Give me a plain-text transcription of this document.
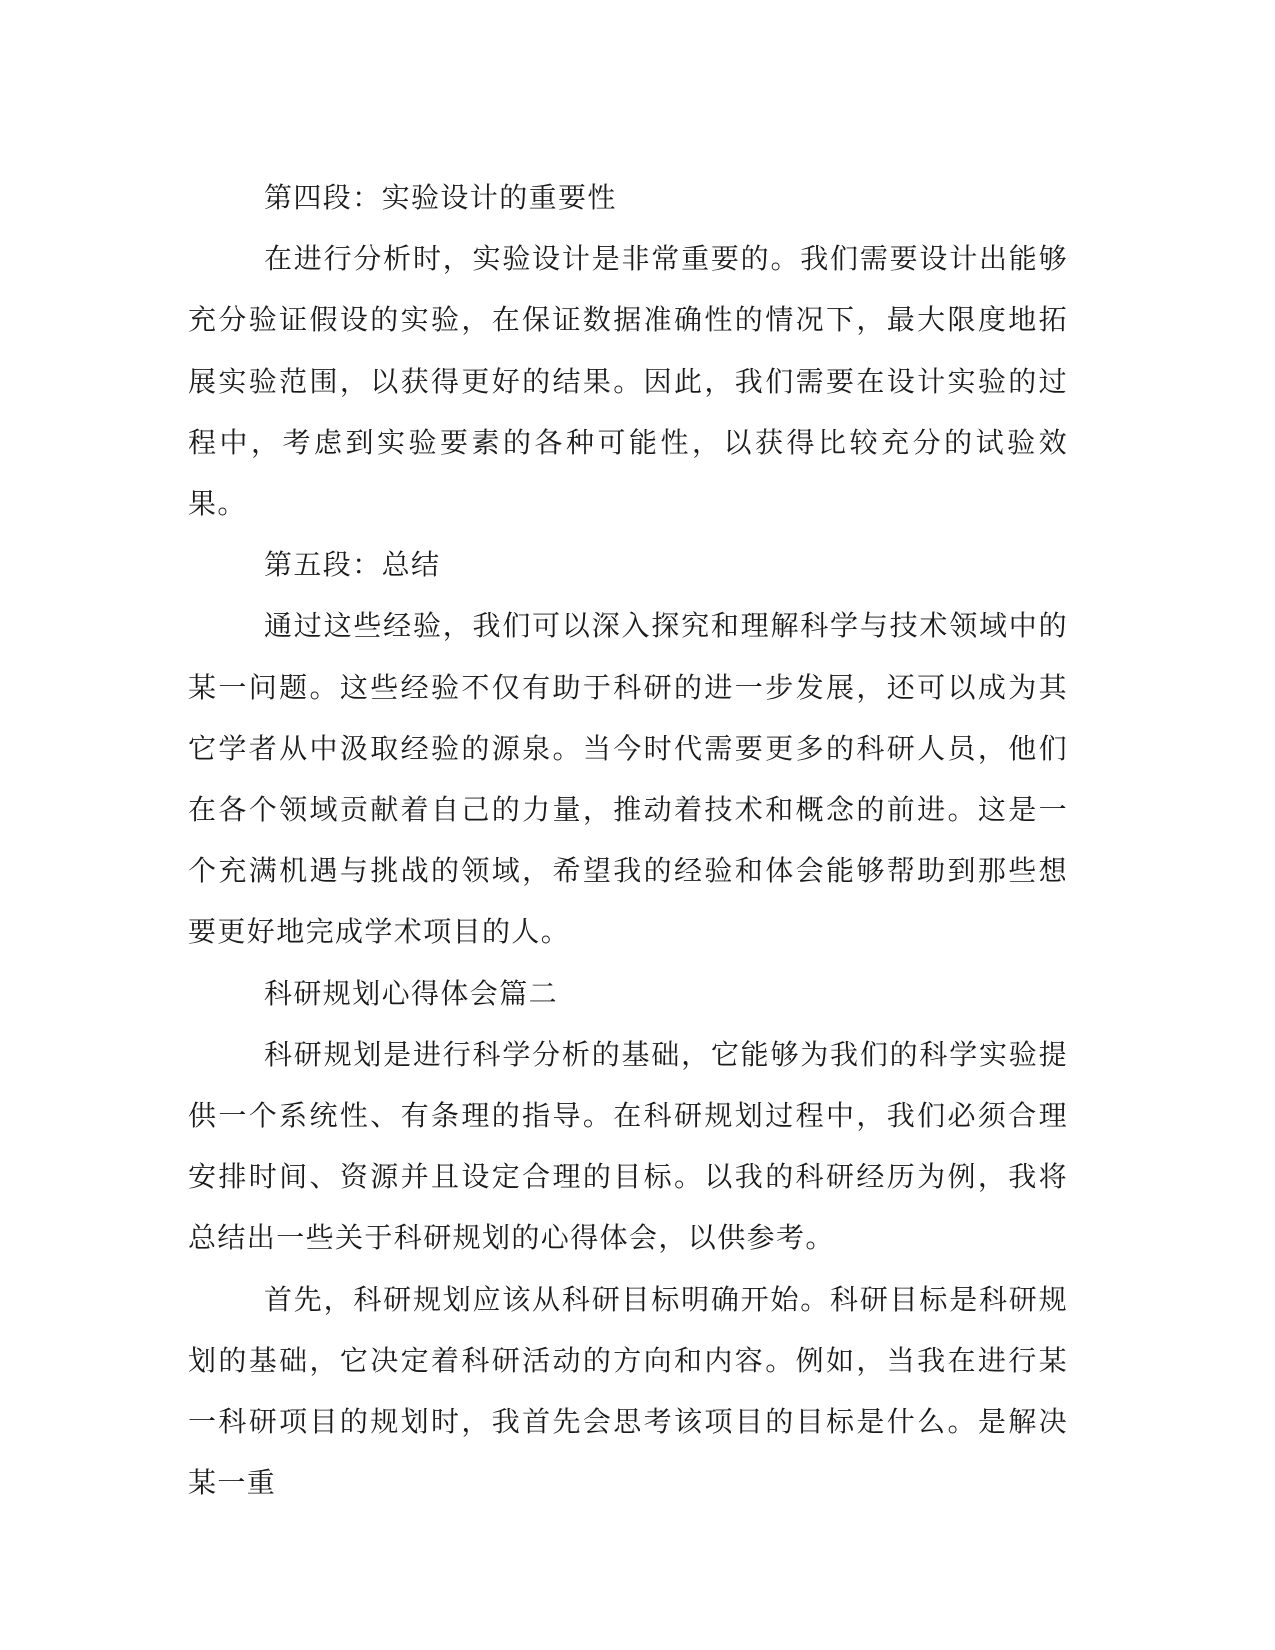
第四段：实验设计的重要性

在进行分析时，实验设计是非常重要的。我们需要设计出能够充分验证假设的实验，在保证数据准确性的情况下，最大限度地拓展实验范围，以获得更好的结果。因此，我们需要在设计实验的过程中，考虑到实验要素的各种可能性，以获得比较充分的试验效果。

第五段：总结

通过这些经验，我们可以深入探究和理解科学与技术领域中的某一问题。这些经验不仅有助于科研的进一步发展，还可以成为其它学者从中汲取经验的源泉。当今时代需要更多的科研人员，他们在各个领域贡献着自己的力量，推动着技术和概念的前进。这是一个充满机遇与挑战的领域，希望我的经验和体会能够帮助到那些想要更好地完成学术项目的人。

科研规划心得体会篇二

科研规划是进行科学分析的基础，它能够为我们的科学实验提供一个系统性、有条理的指导。在科研规划过程中，我们必须合理安排时间、资源并且设定合理的目标。以我的科研经历为例，我将总结出一些关于科研规划的心得体会，以供参考。

首先，科研规划应该从科研目标明确开始。科研目标是科研规划的基础，它决定着科研活动的方向和内容。例如，当我在进行某一科研项目的规划时，我首先会思考该项目的目标是什么。是解决某一重
